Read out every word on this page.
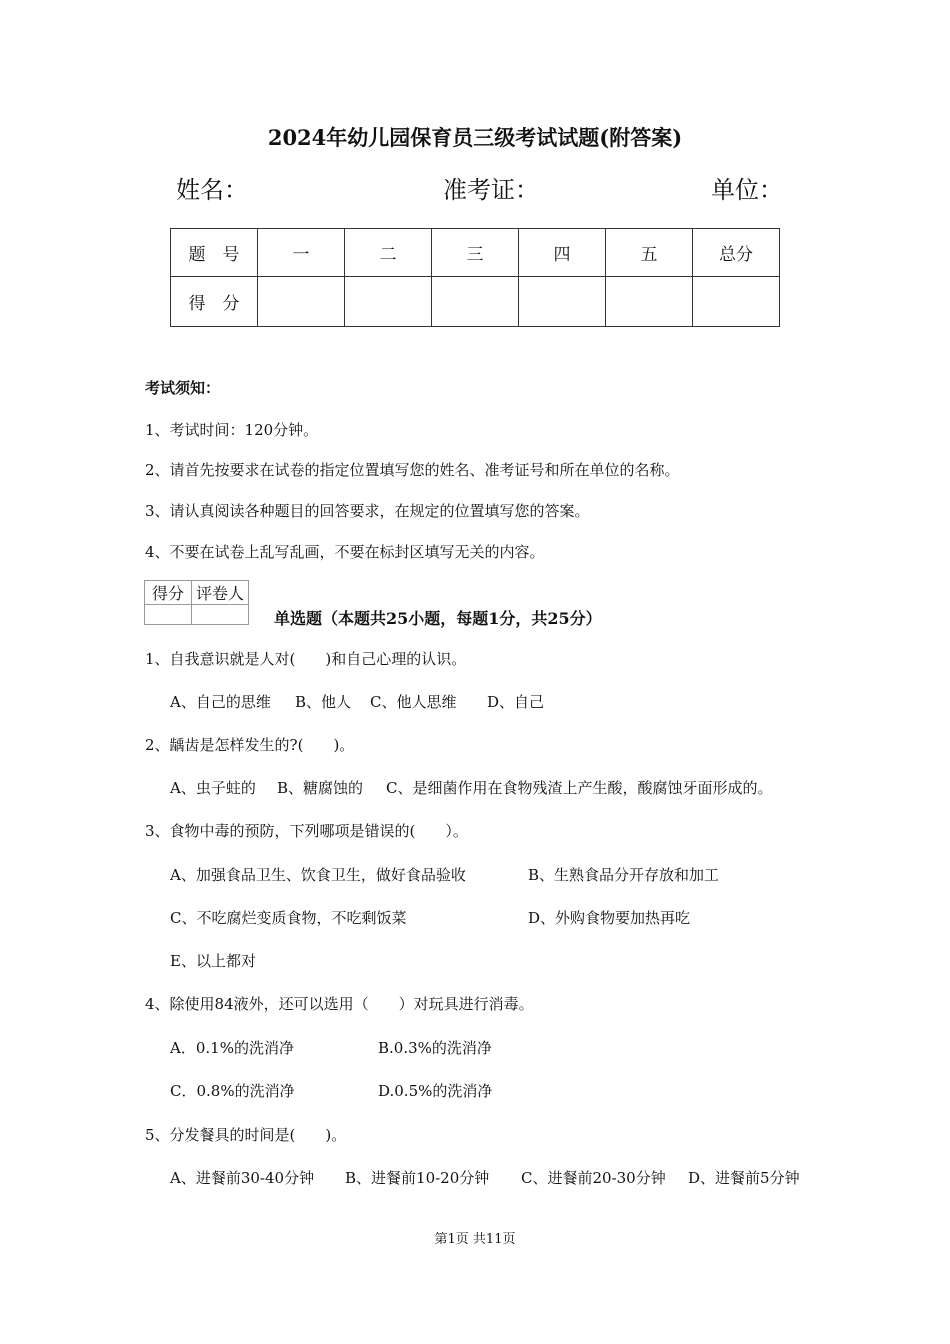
2024年幼儿园保育员三级考试试题(附答案)
姓名：	准考证：	单位：
题　号	一	二	三	四	五	总分
得　分						
考试须知：
1、考试时间：120分钟。
2、请首先按要求在试卷的指定位置填写您的姓名、准考证号和所在单位的名称。
3、请认真阅读各种题目的回答要求，在规定的位置填写您的答案。
4、不要在试卷上乱写乱画，不要在标封区填写无关的内容。
得分	评卷人

单选题（本题共25小题，每题1分，共25分）
1、自我意识就是人对(　　)和自己心理的认识。
A、自己的思维 B、他人 C、他人思维 D、自己
2、龋齿是怎样发生的?(　　)。
A、虫子蛀的 B、糖腐蚀的 C、是细菌作用在食物残渣上产生酸，酸腐蚀牙面形成的。
3、食物中毒的预防，下列哪项是错误的(　　）。
A、加强食品卫生、饮食卫生，做好食品验收	B、生熟食品分开存放和加工
C、不吃腐烂变质食物，不吃剩饭菜	D、外购食物要加热再吃
E、以上都对
4、除使用84液外，还可以选用（　　）对玩具进行消毒。
A．0.1%的洗消净	B.0.3%的洗消净
C．0.8%的洗消净	D.0.5%的洗消净
5、分发餐具的时间是(　　)。
A、进餐前30-40分钟 B、进餐前10-20分钟 C、进餐前20-30分钟 D、进餐前5分钟
第1页 共11页
